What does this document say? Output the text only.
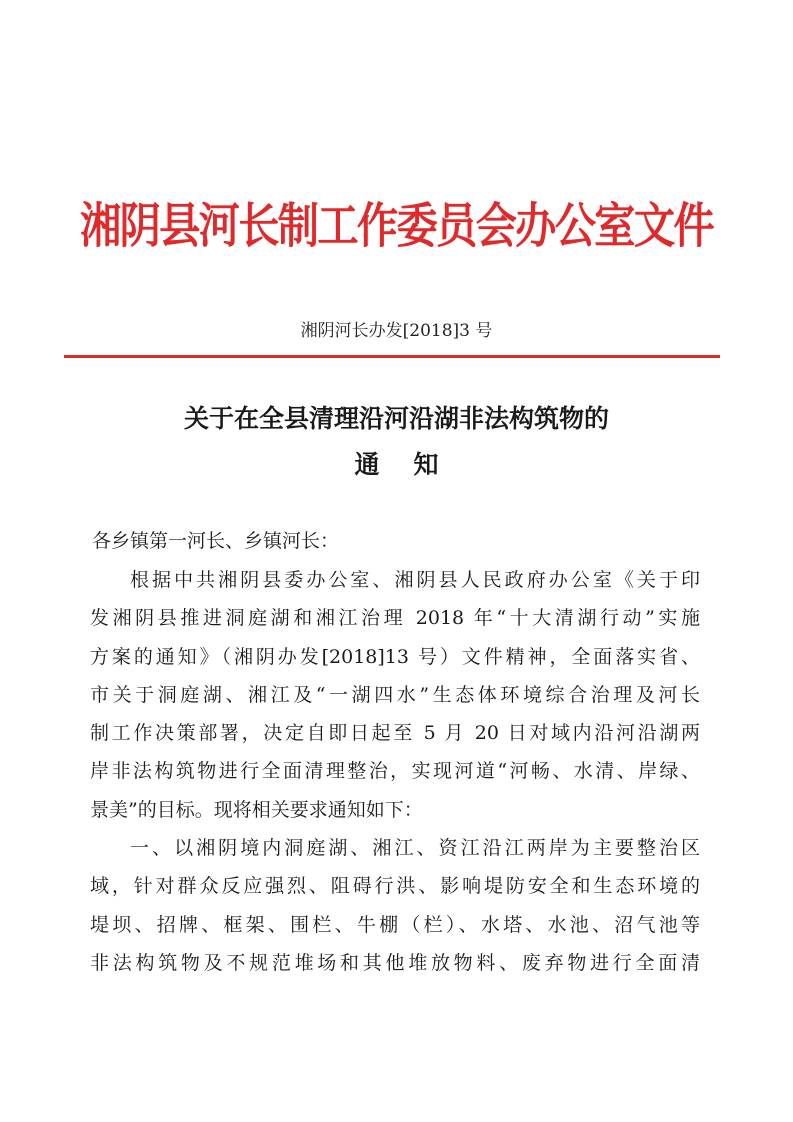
湘阴县河长制工作委员会办公室文件
湘阴河长办发[2018]3 号
关于在全县清理沿河沿湖非法构筑物的
通知
各乡镇第一河长、乡镇河长：
根据中共湘阴县委办公室、湘阴县人民政府办公室《关于印
发湘阴县推进洞庭湖和湘江治理 2018 年“十大清湖行动”实施
方案的通知》（湘阴办发[2018]13 号）文件精神，全面落实省、
市关于洞庭湖、湘江及“一湖四水”生态体环境综合治理及河长
制工作决策部署，决定自即日起至 5 月 20 日对域内沿河沿湖两
岸非法构筑物进行全面清理整治，实现河道“河畅、水清、岸绿、
景美”的目标。现将相关要求通知如下：
一、以湘阴境内洞庭湖、湘江、资江沿江两岸为主要整治区
域，针对群众反应强烈、阻碍行洪、影响堤防安全和生态环境的
堤坝、招牌、框架、围栏、牛棚（栏）、水塔、水池、沼气池等
非法构筑物及不规范堆场和其他堆放物料、废弃物进行全面清
